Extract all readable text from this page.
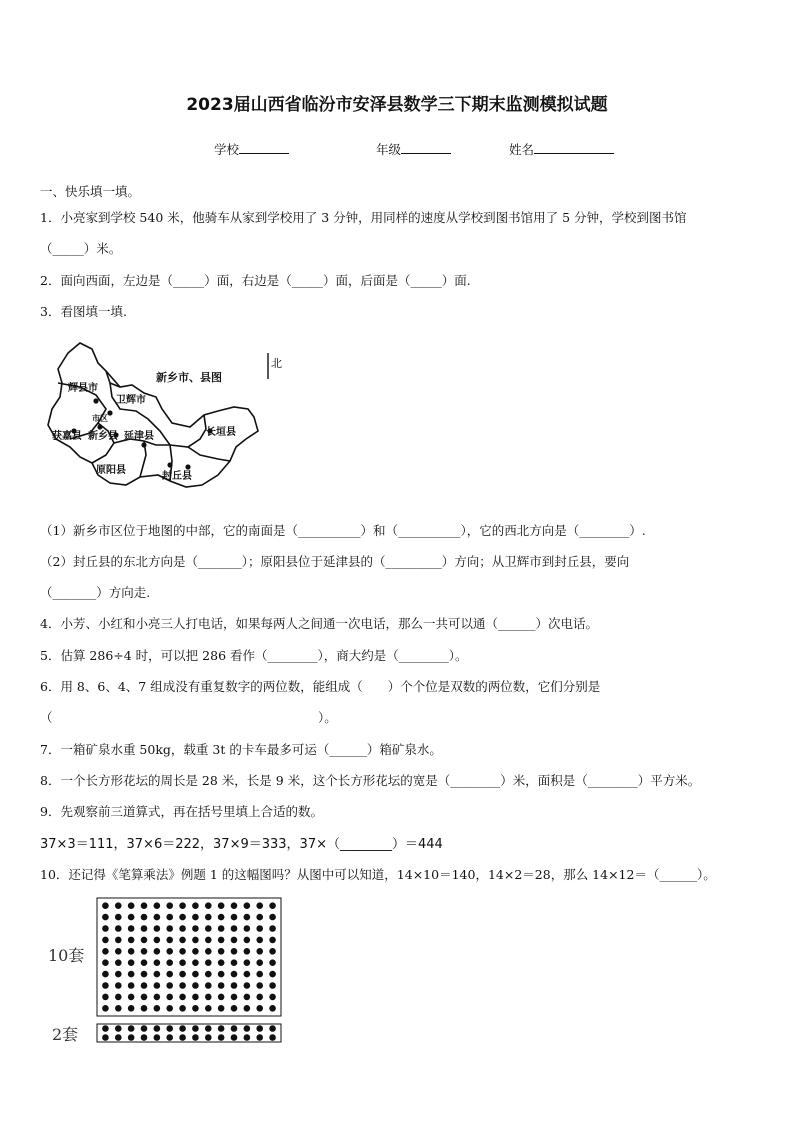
2023届山西省临汾市安泽县数学三下期末监测模拟试题
学校	年级	姓名
一、快乐填一填。
1．小亮家到学校 540 米，他骑车从家到学校用了 3 分钟，用同样的速度从学校到图书馆用了 5 分钟，学校到图书馆
（_____）米。
2．面向西面，左边是（_____）面，右边是（_____）面，后面是（_____）面.
3．看图填一填.
新乡市、县图
辉县市
卫辉市
市区
获嘉县 新乡县 延津县	长垣县
原阳县
封丘县
北
（1）新乡市区位于地图的中部，它的南面是（__________）和（__________），它的西北方向是（________）.
（2）封丘县的东北方向是（_______）；原阳县位于延津县的（_________）方向；从卫辉市到封丘县，要向
（_______）方向走.
4．小芳、小红和小亮三人打电话，如果每两人之间通一次电话，那么一共可以通（______）次电话。
5．估算 286÷4 时，可以把 286 看作（________），商大约是（________）。
6．用 8、6、4、7 组成没有重复数字的两位数，能组成（　　）个个位是双数的两位数，它们分别是
（	）。
7．一箱矿泉水重 50kg，载重 3t 的卡车最多可运（______）箱矿泉水。
8．一个长方形花坛的周长是 28 米，长是 9 米，这个长方形花坛的宽是（________）米，面积是（________）平方米。
9．先观察前三道算式，再在括号里填上合适的数。
37×3＝111，37×6＝222，37×9＝333，37×（________）＝444
10．还记得《笔算乘法》例题 1 的这幅图吗？从图中可以知道，14×10＝140，14×2＝28，那么 14×12＝（______）。
10套
2套
